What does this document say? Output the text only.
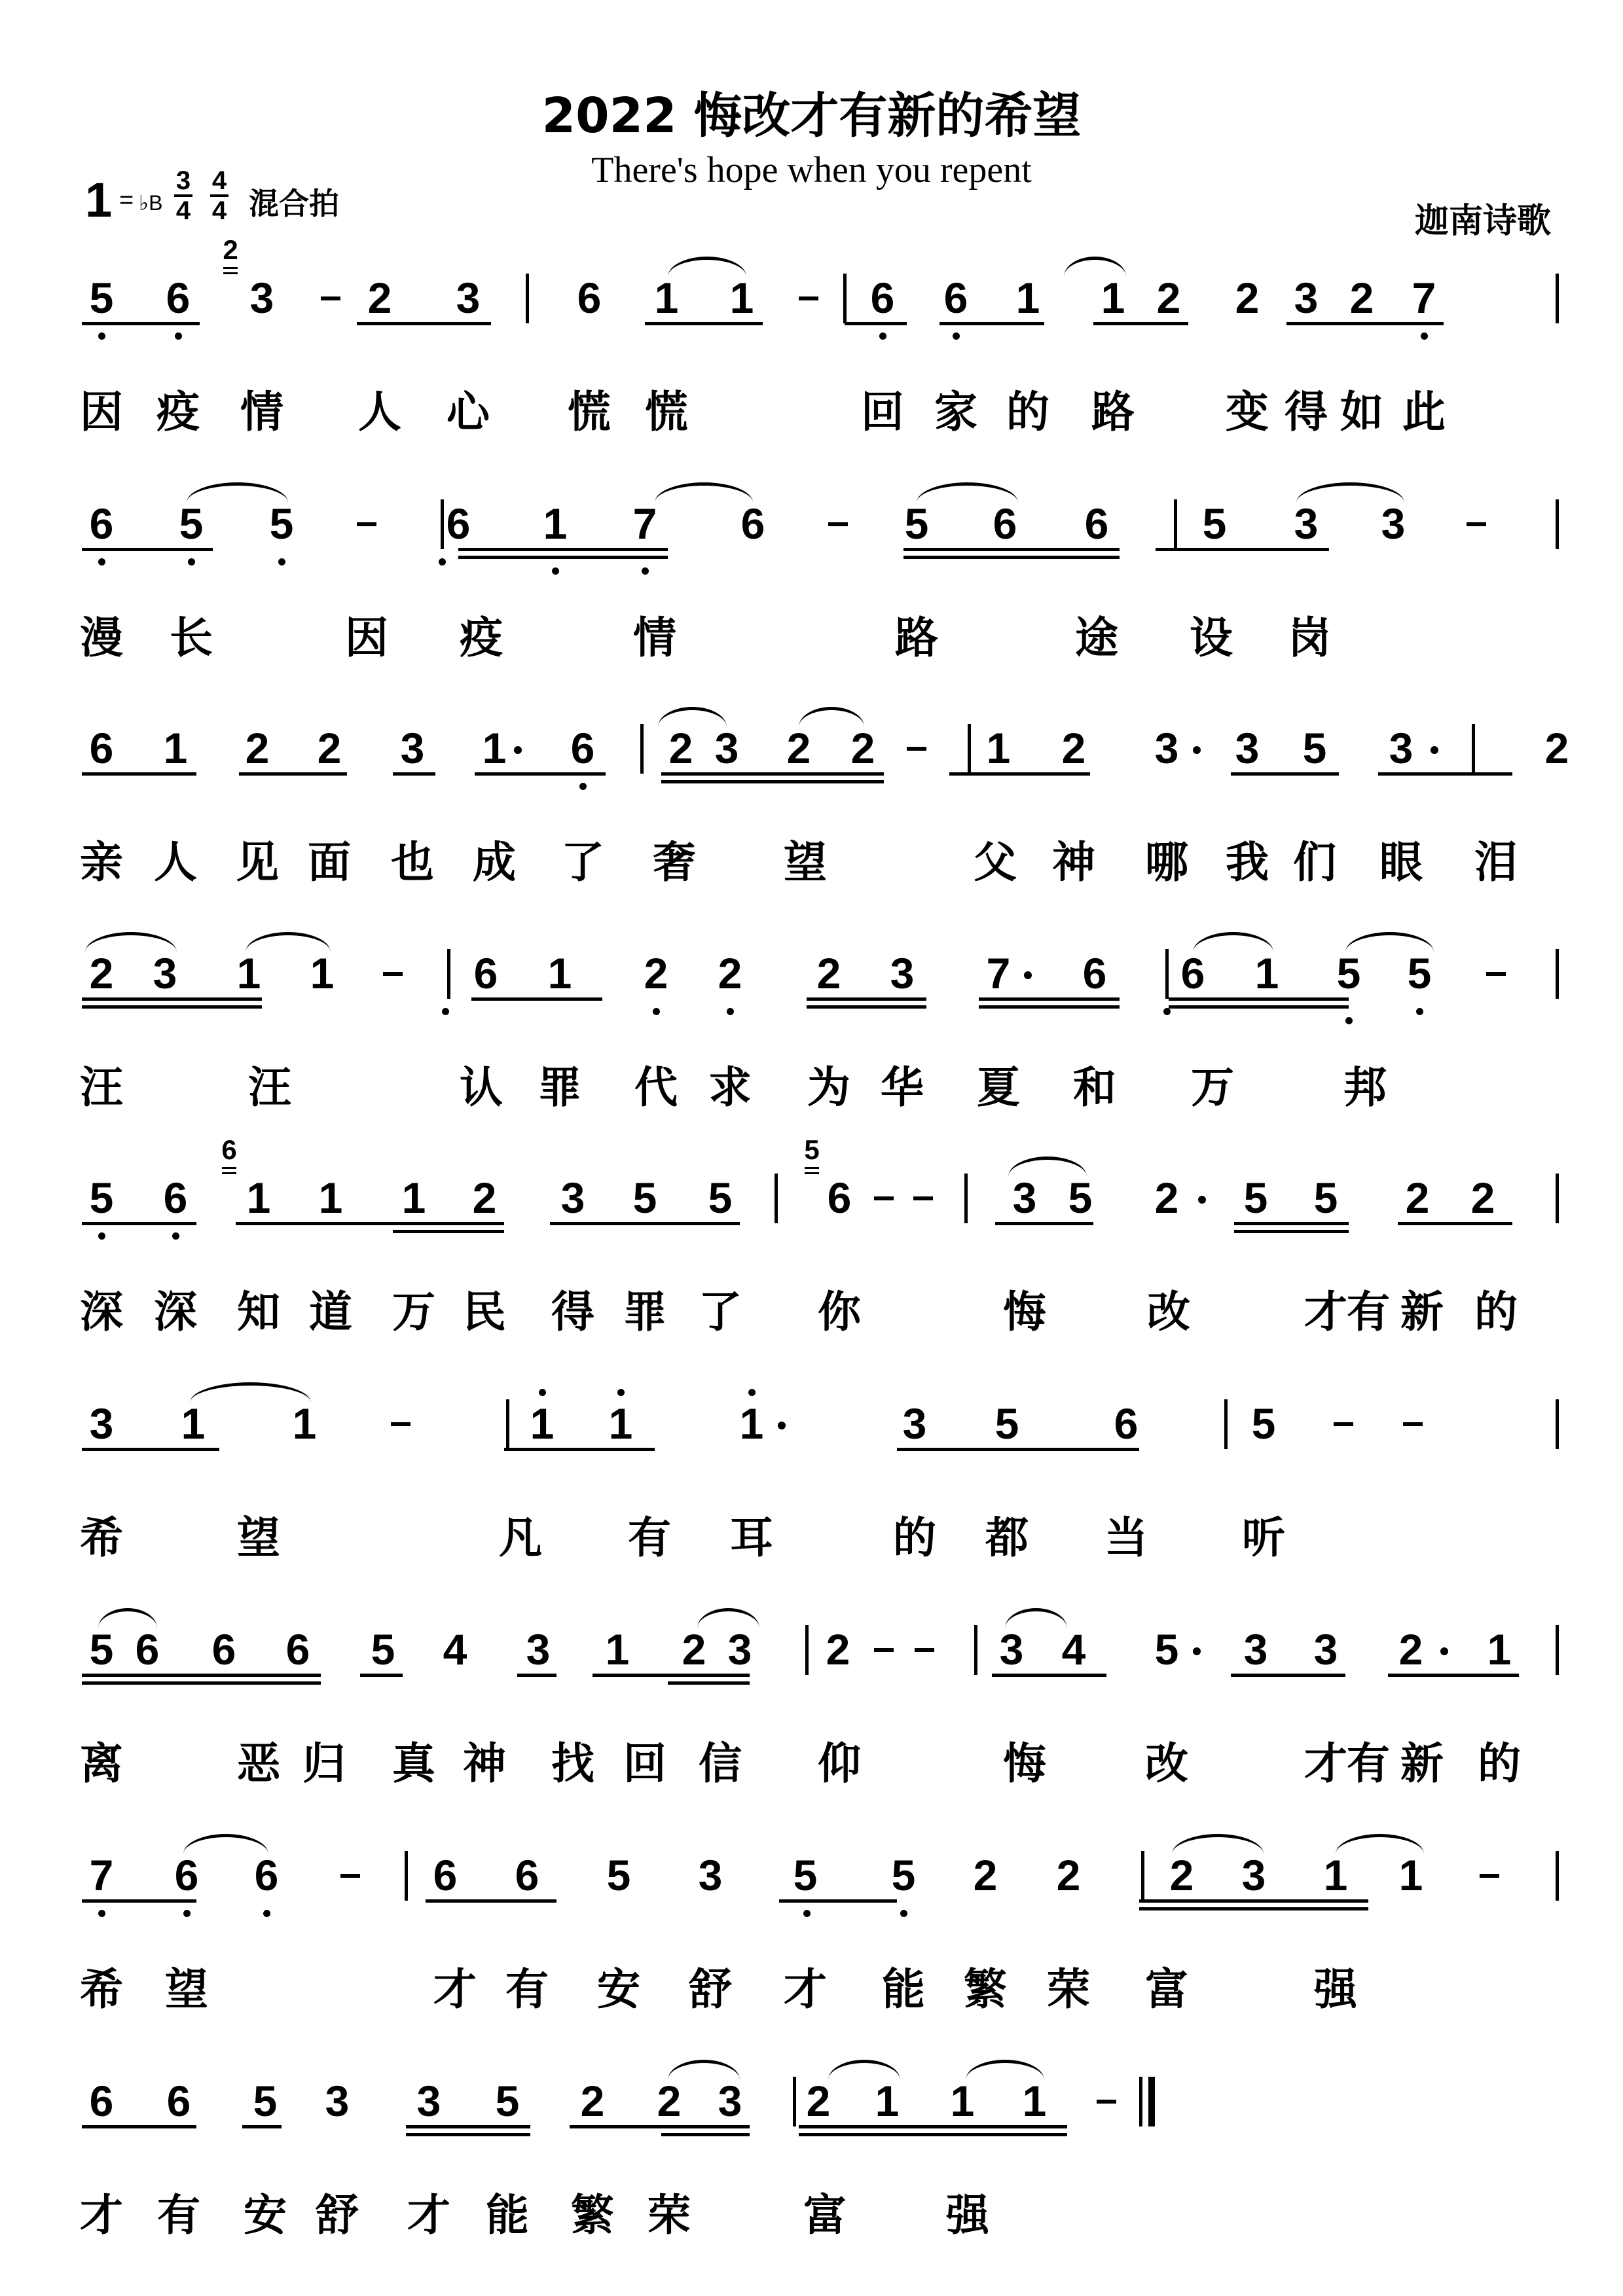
2022 悔改才有新的希望
There's hope when you repent
迦南诗歌
1 = ♭B
3
4
4
4 混合拍
5 6 3 2 3 6 1 1	6 6 1 1 2 2 3 2 7
因 疫 情 人 心 慌 慌	回 家 的 路 变 得 如 此
6 5 5	6 1 7 6	5 6 6 5 3 3
漫 长	因 疫	情	路	途 设 岗
6 1 2 2 3 1 6 2 3 2 2	1 2 3 3 5 3	2
亲 人 见 面 也 成 了 奢 望	父 神 哪 我 们 眼 泪
2 3 1 1	6 1 2 2 2 3 7 6 6 1 5 5
汪	汪	认 罪 代 求 为 华 夏 和 万	邦
5 6 1 1 1 2 3 5 5 6	3 5 2 5 5 2 2
深 深 知 道 万 民 得 罪 了 你	悔 改	才 有 新 的
3 1 1	1 1 1	3 5 6	5
希	望	凡 有 耳	的 都 当 听
5 6 6 6 5 4 3 1 2 3 2	3 4 5 3 3 2 1
离	恶 归 真 神 找 回 信 仰	悔 改	才 有 新 的
7 6 6	6 6 5 3 5 5 2 2 2 3 1 1
希 望	才 有 安 舒 才 能 繁 荣 富	强
6 6 5 3 3 5 2 2 3 2 1 1 1
才 有 安 舒 才 能 繁 荣	富 强
2
6	5
